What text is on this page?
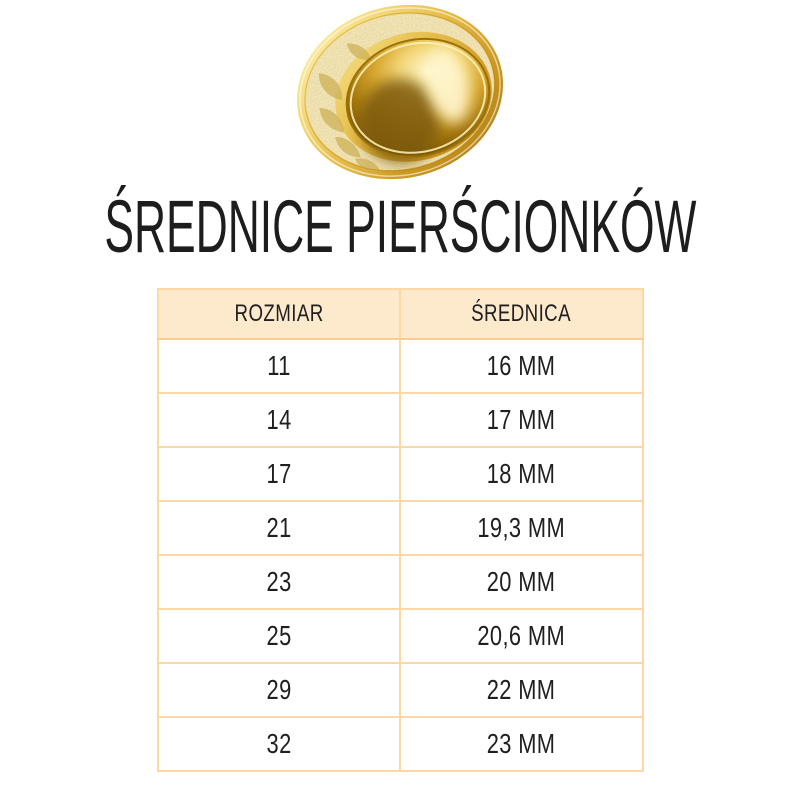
ŚREDNICE PIERŚCIONKÓW
ROZMIAR	ŚREDNICA
11	16 MM
14	17 MM
17	18 MM
21	19,3 MM
23	20 MM
25	20,6 MM
29	22 MM
32	23 MM
